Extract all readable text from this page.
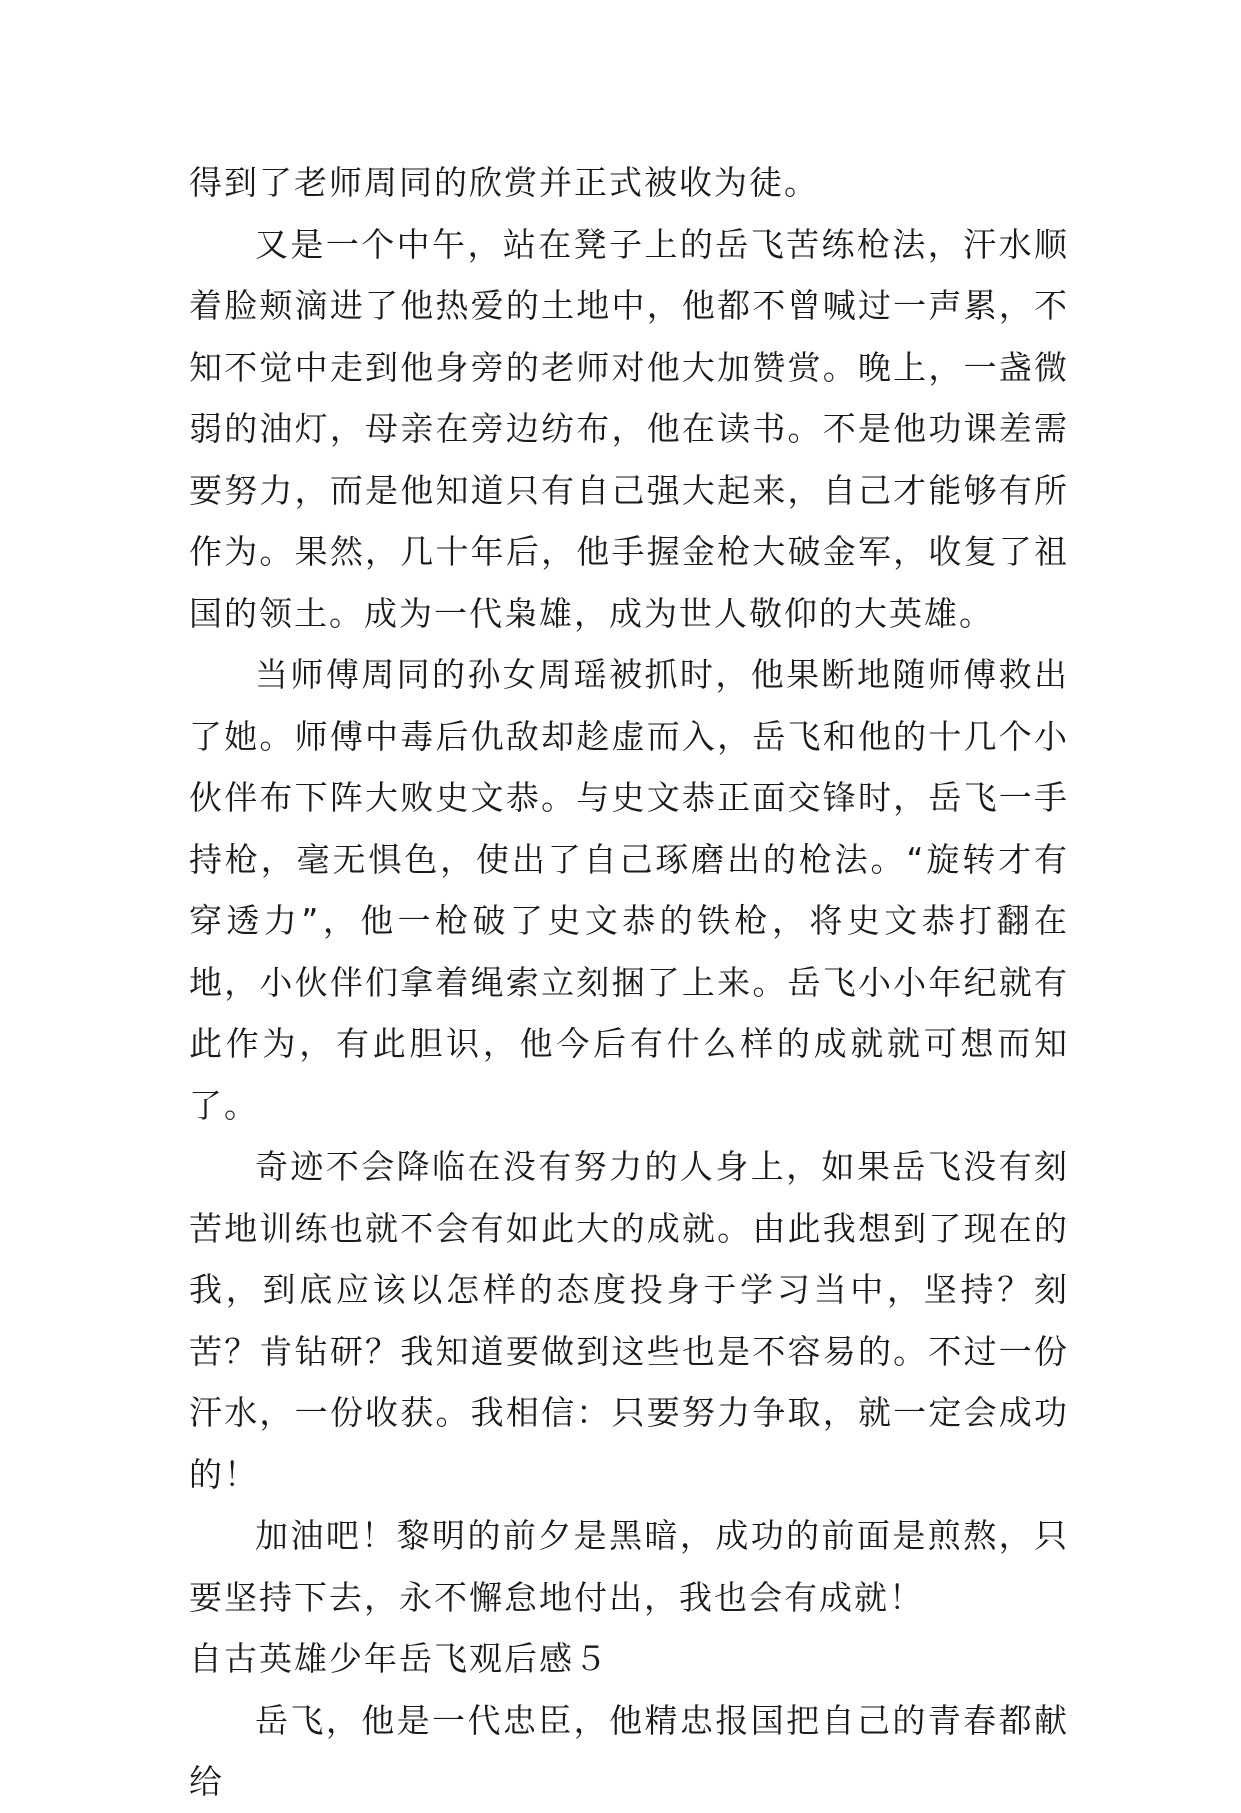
得到了老师周同的欣赏并正式被收为徒。

又是一个中午，站在凳子上的岳飞苦练枪法，汗水顺着脸颊滴进了他热爱的土地中，他都不曾喊过一声累，不知不觉中走到他身旁的老师对他大加赞赏。晚上，一盏微弱的油灯，母亲在旁边纺布，他在读书。不是他功课差需要努力，而是他知道只有自己强大起来，自己才能够有所作为。果然，几十年后，他手握金枪大破金军，收复了祖国的领土。成为一代枭雄，成为世人敬仰的大英雄。

当师傅周同的孙女周瑶被抓时，他果断地随师傅救出了她。师傅中毒后仇敌却趁虚而入，岳飞和他的十几个小伙伴布下阵大败史文恭。与史文恭正面交锋时，岳飞一手持枪，毫无惧色，使出了自己琢磨出的枪法。“旋转才有穿透力”，他一枪破了史文恭的铁枪，将史文恭打翻在地，小伙伴们拿着绳索立刻捆了上来。岳飞小小年纪就有此作为，有此胆识，他今后有什么样的成就就可想而知了。

奇迹不会降临在没有努力的人身上，如果岳飞没有刻苦地训练也就不会有如此大的成就。由此我想到了现在的我，到底应该以怎样的态度投身于学习当中，坚持？刻苦？肯钻研？我知道要做到这些也是不容易的。不过一份汗水，一份收获。我相信：只要努力争取，就一定会成功的！

加油吧！黎明的前夕是黑暗，成功的前面是煎熬，只要坚持下去，永不懈怠地付出，我也会有成就！

自古英雄少年岳飞观后感５

岳飞，他是一代忠臣，他精忠报国把自己的青春都献给
